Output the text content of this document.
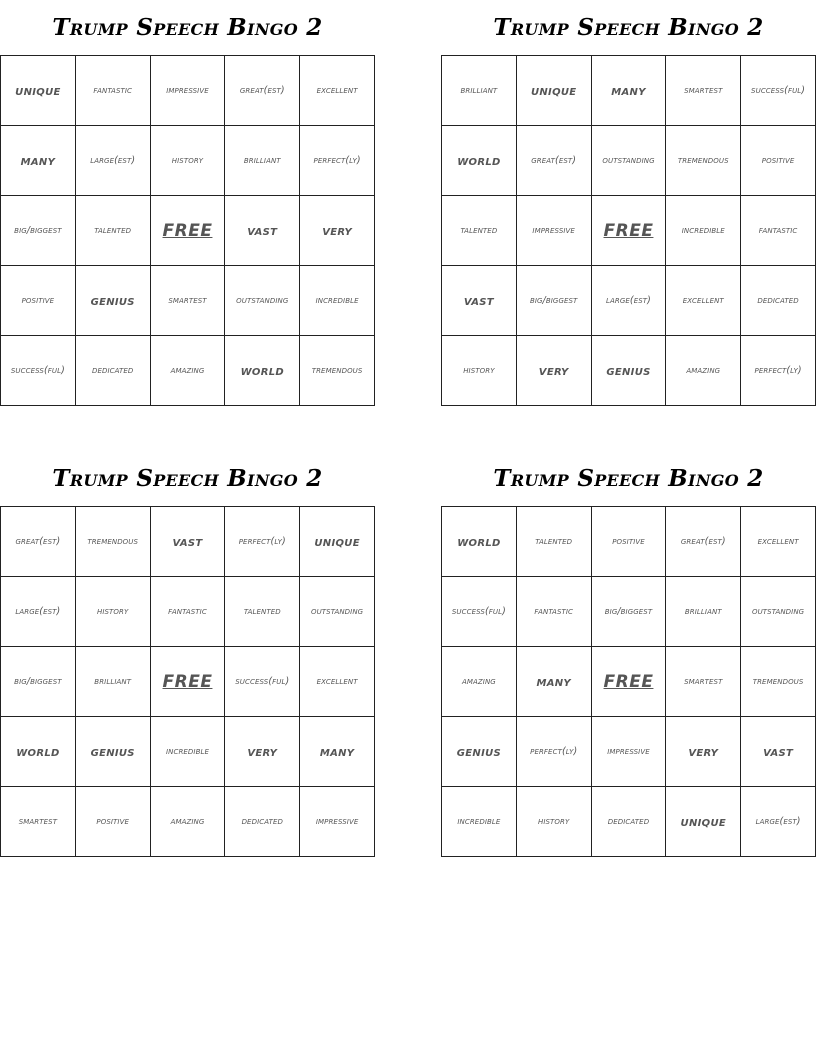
Trump Speech Bingo 2
unique	fantastic	impressive	great(est)	excellent
many	large(est)	history	brilliant	perfect(ly)
big/biggest	talented	FREE	vast	very
positive	genius	smartest	outstanding	incredible
success(ful)	dedicated	amazing	world	tremendous
Trump Speech Bingo 2
brilliant	unique	many	smartest	success(ful)
world	great(est)	outstanding	tremendous	positive
talented	impressive	FREE	incredible	fantastic
vast	big/biggest	large(est)	excellent	dedicated
history	very	genius	amazing	perfect(ly)
Trump Speech Bingo 2
great(est)	tremendous	vast	perfect(ly)	unique
large(est)	history	fantastic	talented	outstanding
big/biggest	brilliant	FREE	success(ful)	excellent
world	genius	incredible	very	many
smartest	positive	amazing	dedicated	impressive
Trump Speech Bingo 2
world	talented	positive	great(est)	excellent
success(ful)	fantastic	big/biggest	brilliant	outstanding
amazing	many	FREE	smartest	tremendous
genius	perfect(ly)	impressive	very	vast
incredible	history	dedicated	unique	large(est)
